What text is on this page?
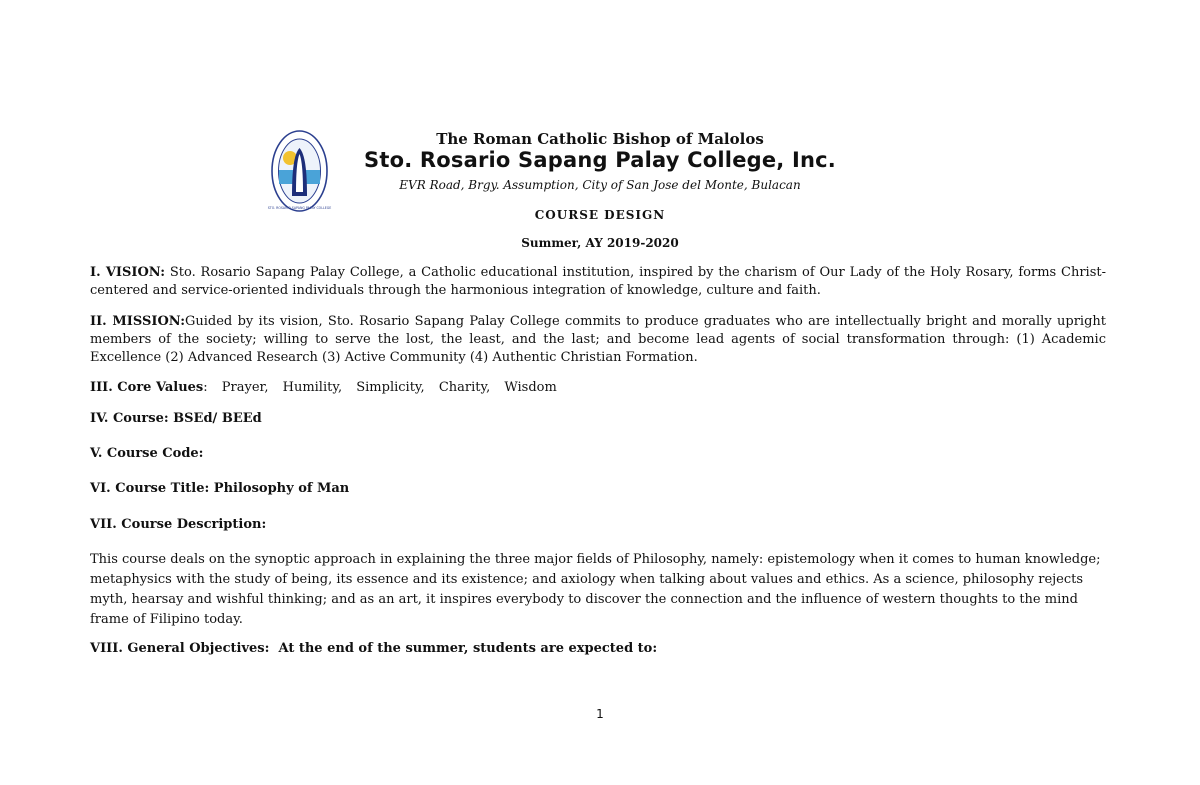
STO. ROSARIO SAPANG PALAY COLLEGE
The Roman Catholic Bishop of Malolos
Sto. Rosario Sapang Palay College, Inc.
EVR Road, Brgy. Assumption, City of San Jose del Monte, Bulacan
COURSE DESIGN
Summer, AY 2019-2020
I. VISION: Sto. Rosario Sapang Palay College, a Catholic educational institution, inspired by the charism of Our Lady of the Holy Rosary, forms Christ-centered and service-oriented individuals through the harmonious integration of knowledge, culture and faith.
II. MISSION:Guided by its vision, Sto. Rosario Sapang Palay College commits to produce graduates who are intellectually bright and morally upright members of the society; willing to serve the lost, the least, and the last; and become lead agents of social transformation through: (1) Academic Excellence (2) Advanced Research (3) Active Community (4) Authentic Christian Formation.
III. Core Values: Prayer, Humility, Simplicity, Charity, Wisdom
IV. Course: BSEd/ BEEd
V. Course Code:
VI. Course Title: Philosophy of Man
VII. Course Description:
This course deals on the synoptic approach in explaining the three major fields of Philosophy, namely: epistemology when it comes to human knowledge; metaphysics with the study of being, its essence and its existence; and axiology when talking about values and ethics. As a science, philosophy rejects myth, hearsay and wishful thinking; and as an art, it inspires everybody to discover the connection and the influence of western thoughts to the mind frame of Filipino today.
VIII. General Objectives:  At the end of the summer, students are expected to:
1
